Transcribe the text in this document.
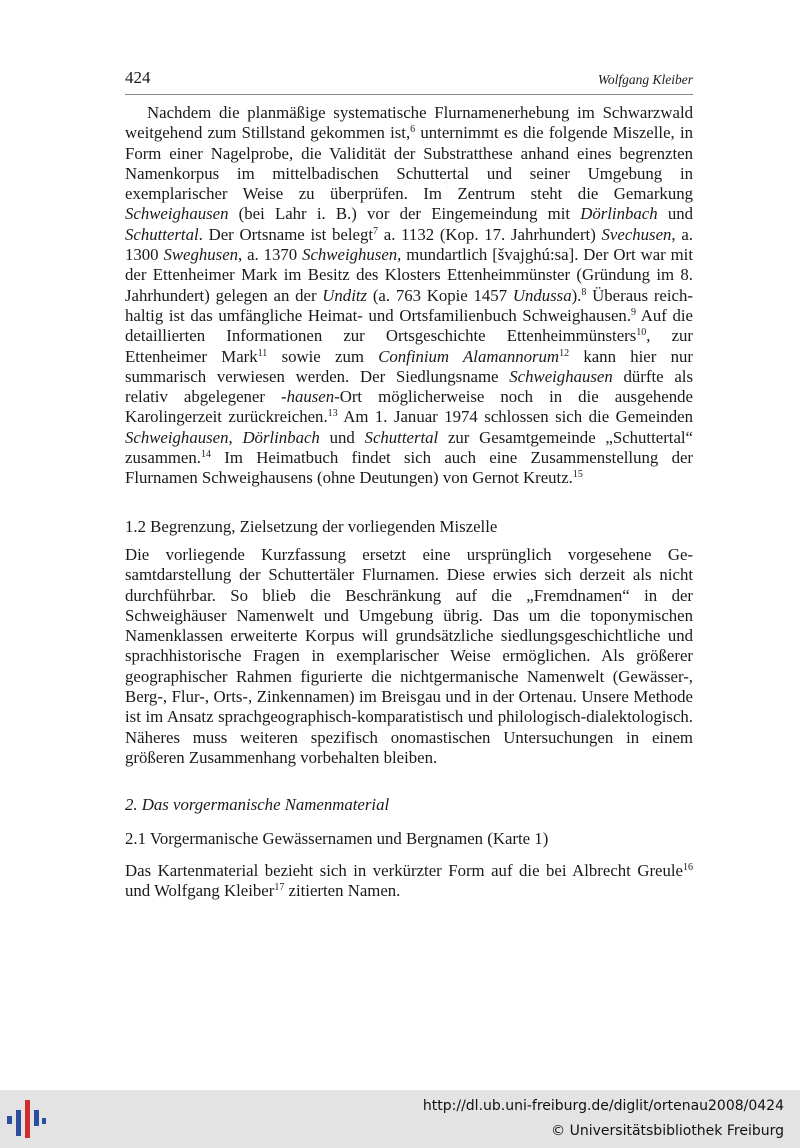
424	Wolfgang Kleiber

Nachdem die planmäßige systematische Flurnamenerhebung im Schwarzwald weitgehend zum Stillstand gekommen ist,$^6$ unternimmt es die folgende Miszelle, in Form einer Nagelprobe, die Validität der Substratthese anhand eines begrenzten Namenkorpus im mittelbadischen Schuttertal und seiner Umgebung in exemplarischer Weise zu überprüfen. Im Zentrum steht die Gemarkung Schweighausen (bei Lahr i. B.) vor der Eingemeindung mit Dörlinbach und Schuttertal. Der Ortsname ist belegt$^7$ a. 1132 (Kop. 17. Jahrhundert) Svechusen, a. 1300 Sweghusen, a. 1370 Schweighusen, mundartlich [švajghú:sa]. Der Ort war mit der Ettenheimer Mark im Besitz des Klosters Ettenheimmünster (Gründung im 8. Jahrhundert) gelegen an der Unditz (a. 763 Kopie 1457 Undussa).$^8$ Überaus reichhaltig ist das umfängliche Heimat- und Ortsfamilienbuch Schweighausen.$^9$ Auf die detaillierten Informationen zur Ortsgeschichte Ettenheimmünsters$^{10}$, zur Ettenheimer Mark$^{11}$ sowie zum Confinium Alamannorum$^{12}$ kann hier nur summarisch verwiesen werden. Der Siedlungsname Schweighausen dürfte als relativ abgelegener -hausen-Ort möglicherweise noch in die ausgehende Karolingerzeit zurückreichen.$^{13}$ Am 1. Januar 1974 schlossen sich die Gemeinden Schweighausen, Dörlinbach und Schuttertal zur Gesamtgemeinde „Schuttertal“ zusammen.$^{14}$ Im Heimatbuch findet sich auch eine Zusammenstellung der Flurnamen Schweighausens (ohne Deutungen) von Gernot Kreutz.$^{15}$

1.2 Begrenzung, Zielsetzung der vorliegenden Miszelle

Die vorliegende Kurzfassung ersetzt eine ursprünglich vorgesehene Gesamtdarstellung der Schuttertäler Flurnamen. Diese erwies sich derzeit als nicht durchführbar. So blieb die Beschränkung auf die „Fremdnamen“ in der Schweighäuser Namenwelt und Umgebung übrig. Das um die toponymischen Namenklassen erweiterte Korpus will grundsätzliche siedlungsgeschichtliche und sprachhistorische Fragen in exemplarischer Weise ermöglichen. Als größerer geographischer Rahmen figurierte die nichtgermanische Namenwelt (Gewässer-, Berg-, Flur-, Orts-, Zinkennamen) im Breisgau und in der Ortenau. Unsere Methode ist im Ansatz sprachgeographisch-komparatistisch und philologisch-dialektologisch. Näheres muss weiteren spezifisch onomastischen Untersuchungen in einem größeren Zusammenhang vorbehalten bleiben.

2. Das vorgermanische Namenmaterial
2.1 Vorgermanische Gewässernamen und Bergnamen (Karte 1)

Das Kartenmaterial bezieht sich in verkürzter Form auf die bei Albrecht Greule$^{16}$ und Wolfgang Kleiber$^{17}$ zitierten Namen.

http://dl.ub.uni-freiburg.de/diglit/ortenau2008/0424
© Universitätsbibliothek Freiburg
